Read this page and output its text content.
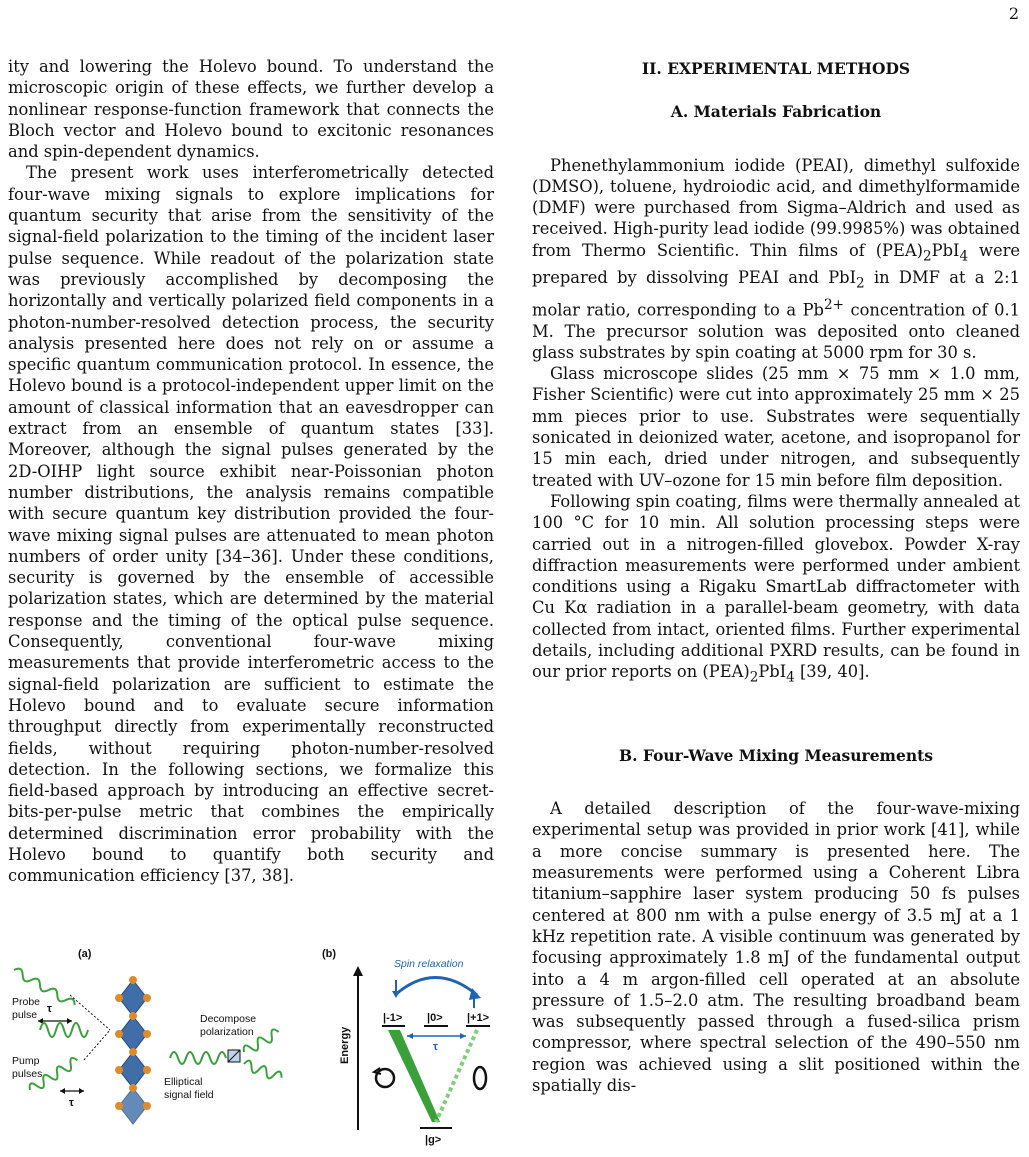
2

ity and lowering the Holevo bound. To understand the microscopic origin of these effects, we further develop a nonlinear response-function framework that connects the Bloch vector and Holevo bound to excitonic resonances and spin-dependent dynamics.

The present work uses interferometrically detected four-wave mixing signals to explore implications for quantum security that arise from the sensitivity of the signal-field polarization to the timing of the incident laser pulse sequence. While readout of the polarization state was previously accomplished by decomposing the horizontally and vertically polarized field components in a photon-number-resolved detection process, the security analysis presented here does not rely on or assume a specific quantum communication protocol. In essence, the Holevo bound is a protocol-independent upper limit on the amount of classical information that an eavesdropper can extract from an ensemble of quantum states [33]. Moreover, although the signal pulses generated by the 2D-OIHP light source exhibit near-Poissonian photon number distributions, the analysis remains compatible with secure quantum key distribution provided the four-wave mixing signal pulses are attenuated to mean photon numbers of order unity [34–36]. Under these conditions, security is governed by the ensemble of accessible polarization states, which are determined by the material response and the timing of the optical pulse sequence. Consequently, conventional four-wave mixing measurements that provide interferometric access to the signal-field polarization are sufficient to estimate the Holevo bound and to evaluate secure information throughput directly from experimentally reconstructed fields, without requiring photon-number-resolved detection. In the following sections, we formalize this field-based approach by introducing an effective secret-bits-per-pulse metric that combines the empirically determined discrimination error probability with the Holevo bound to quantify both security and communication efficiency [37, 38].

II. EXPERIMENTAL METHODS

A. Materials Fabrication

Phenethylammonium iodide (PEAI), dimethyl sulfoxide (DMSO), toluene, hydroiodic acid, and dimethylformamide (DMF) were purchased from Sigma–Aldrich and used as received. High-purity lead iodide (99.9985%) was obtained from Thermo Scientific. Thin films of $(PEA)_2PbI_4$ were prepared by dissolving PEAI and PbI$_2$ in DMF at a 2:1 molar ratio, corresponding to a $Pb^{2+}$ concentration of 0.1 M. The precursor solution was deposited onto cleaned glass substrates by spin coating at 5000 rpm for 30 s.

Glass microscope slides (25 mm × 75 mm × 1.0 mm, Fisher Scientific) were cut into approximately 25 mm × 25 mm pieces prior to use. Substrates were sequentially sonicated in deionized water, acetone, and isopropanol for 15 min each, dried under nitrogen, and subsequently treated with UV–ozone for 15 min before film deposition.

Following spin coating, films were thermally annealed at 100 °C for 10 min. All solution processing steps were carried out in a nitrogen-filled glovebox. Powder X-ray diffraction measurements were performed under ambient conditions using a Rigaku SmartLab diffractometer with Cu Kα radiation in a parallel-beam geometry, with data collected from intact, oriented films. Further experimental details, including additional PXRD results, can be found in our prior reports on $(PEA)_2PbI_4$ [39, 40].

B. Four-Wave Mixing Measurements

A detailed description of the four-wave-mixing experimental setup was provided in prior work [41], while a more concise summary is presented here. The measurements were performed using a Coherent Libra titanium–sapphire laser system producing 50 fs pulses centered at 800 nm with a pulse energy of 3.5 mJ at a 1 kHz repetition rate. A visible continuum was generated by focusing approximately 1.8 mJ of the fundamental output into a 4 m argon-filled cell operated at an absolute pressure of 1.5–2.0 atm. The resulting broadband beam was subsequently passed through a fused-silica prism compressor, where spectral selection of the 490–550 nm region was achieved using a slit positioned within the spatially dis-

(a)
Probe
pulse τ
Pump
pulses
τ
Elliptical
signal field
Decompose
polarization
(b)
Energy
Spin relaxation
|-1> |0> |+1>
τ
|g>
